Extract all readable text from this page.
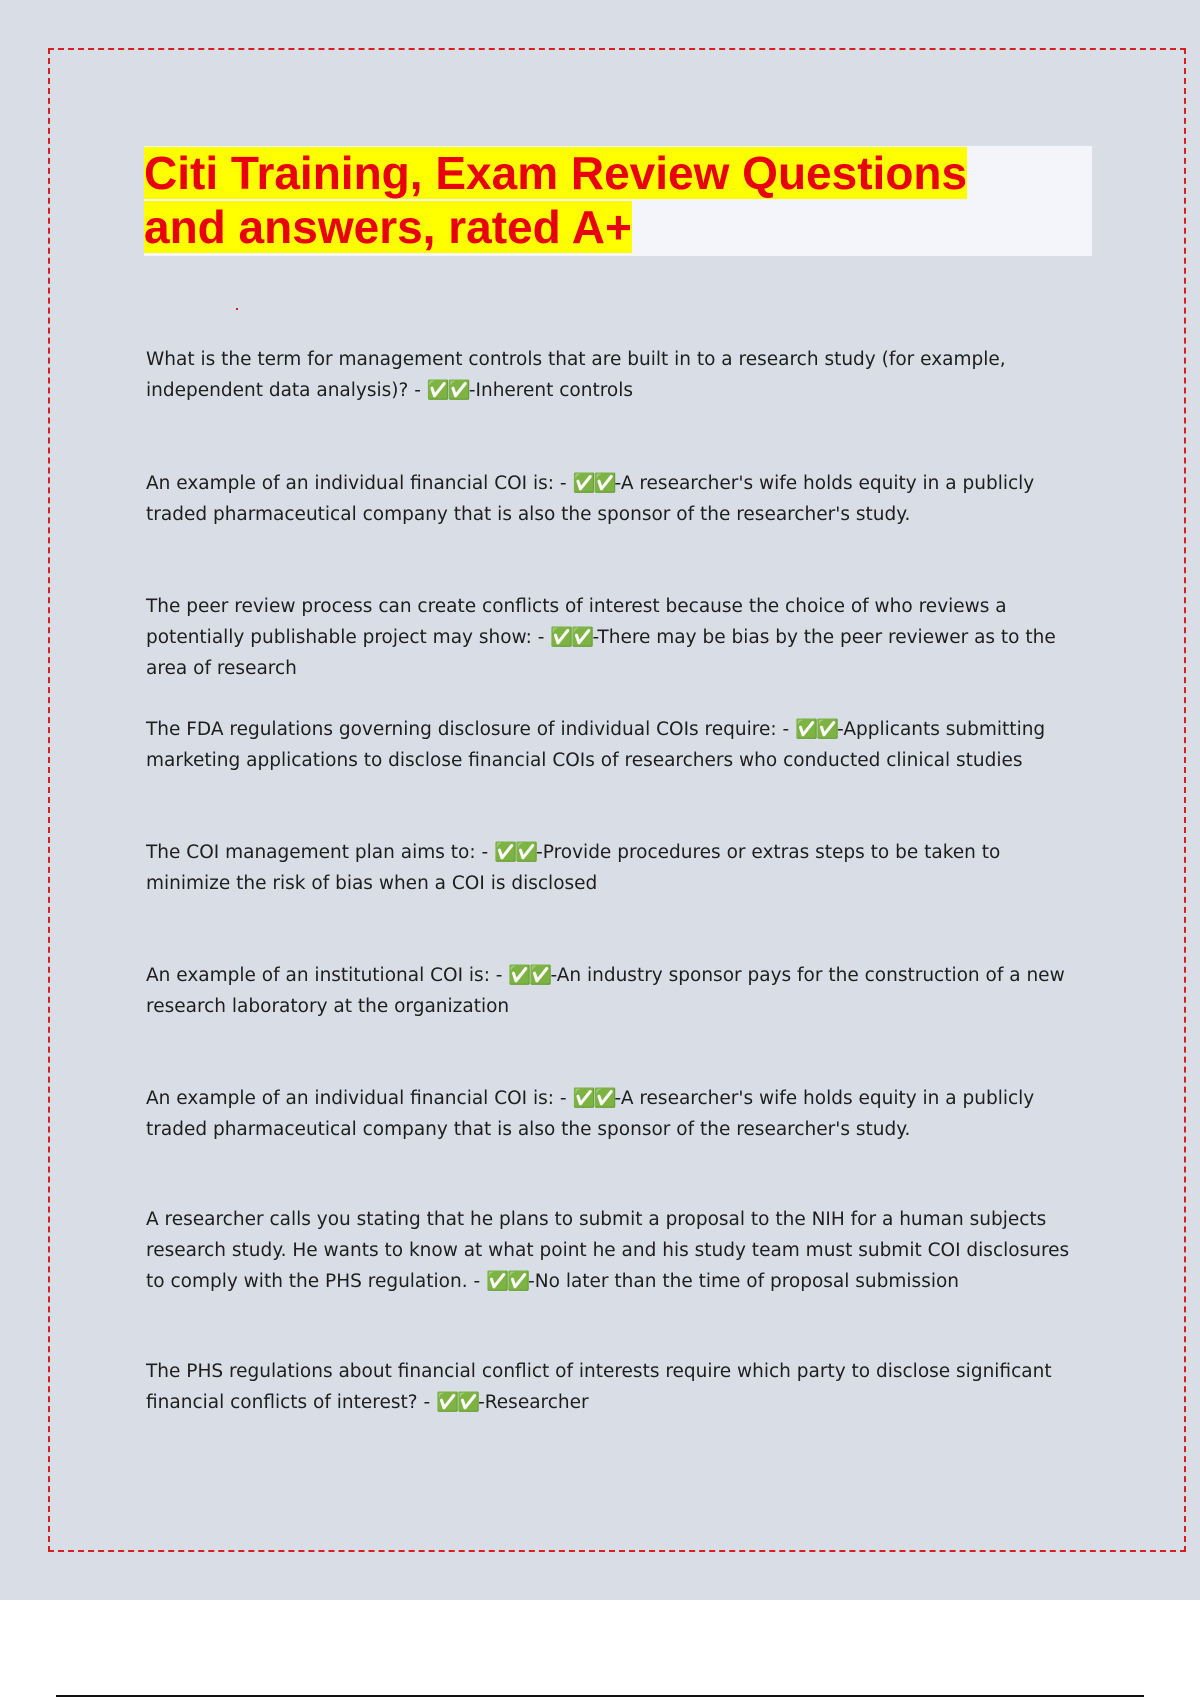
Citi Training, Exam Review Questions
and answers, rated A+
What is the term for management controls that are built in to a research study (for example, independent data analysis)? - ✅✅-Inherent controls
An example of an individual financial COI is: - ✅✅-A researcher's wife holds equity in a publicly traded pharmaceutical company that is also the sponsor of the researcher's study.
The peer review process can create conflicts of interest because the choice of who reviews a potentially publishable project may show: - ✅✅-There may be bias by the peer reviewer as to the area of research
The FDA regulations governing disclosure of individual COIs require: - ✅✅-Applicants submitting marketing applications to disclose financial COIs of researchers who conducted clinical studies
The COI management plan aims to: - ✅✅-Provide procedures or extras steps to be taken to minimize the risk of bias when a COI is disclosed
An example of an institutional COI is: - ✅✅-An industry sponsor pays for the construction of a new research laboratory at the organization
An example of an individual financial COI is: - ✅✅-A researcher's wife holds equity in a publicly traded pharmaceutical company that is also the sponsor of the researcher's study.
A researcher calls you stating that he plans to submit a proposal to the NIH for a human subjects research study. He wants to know at what point he and his study team must submit COI disclosures to comply with the PHS regulation. - ✅✅-No later than the time of proposal submission
The PHS regulations about financial conflict of interests require which party to disclose significant financial conflicts of interest? - ✅✅-Researcher
